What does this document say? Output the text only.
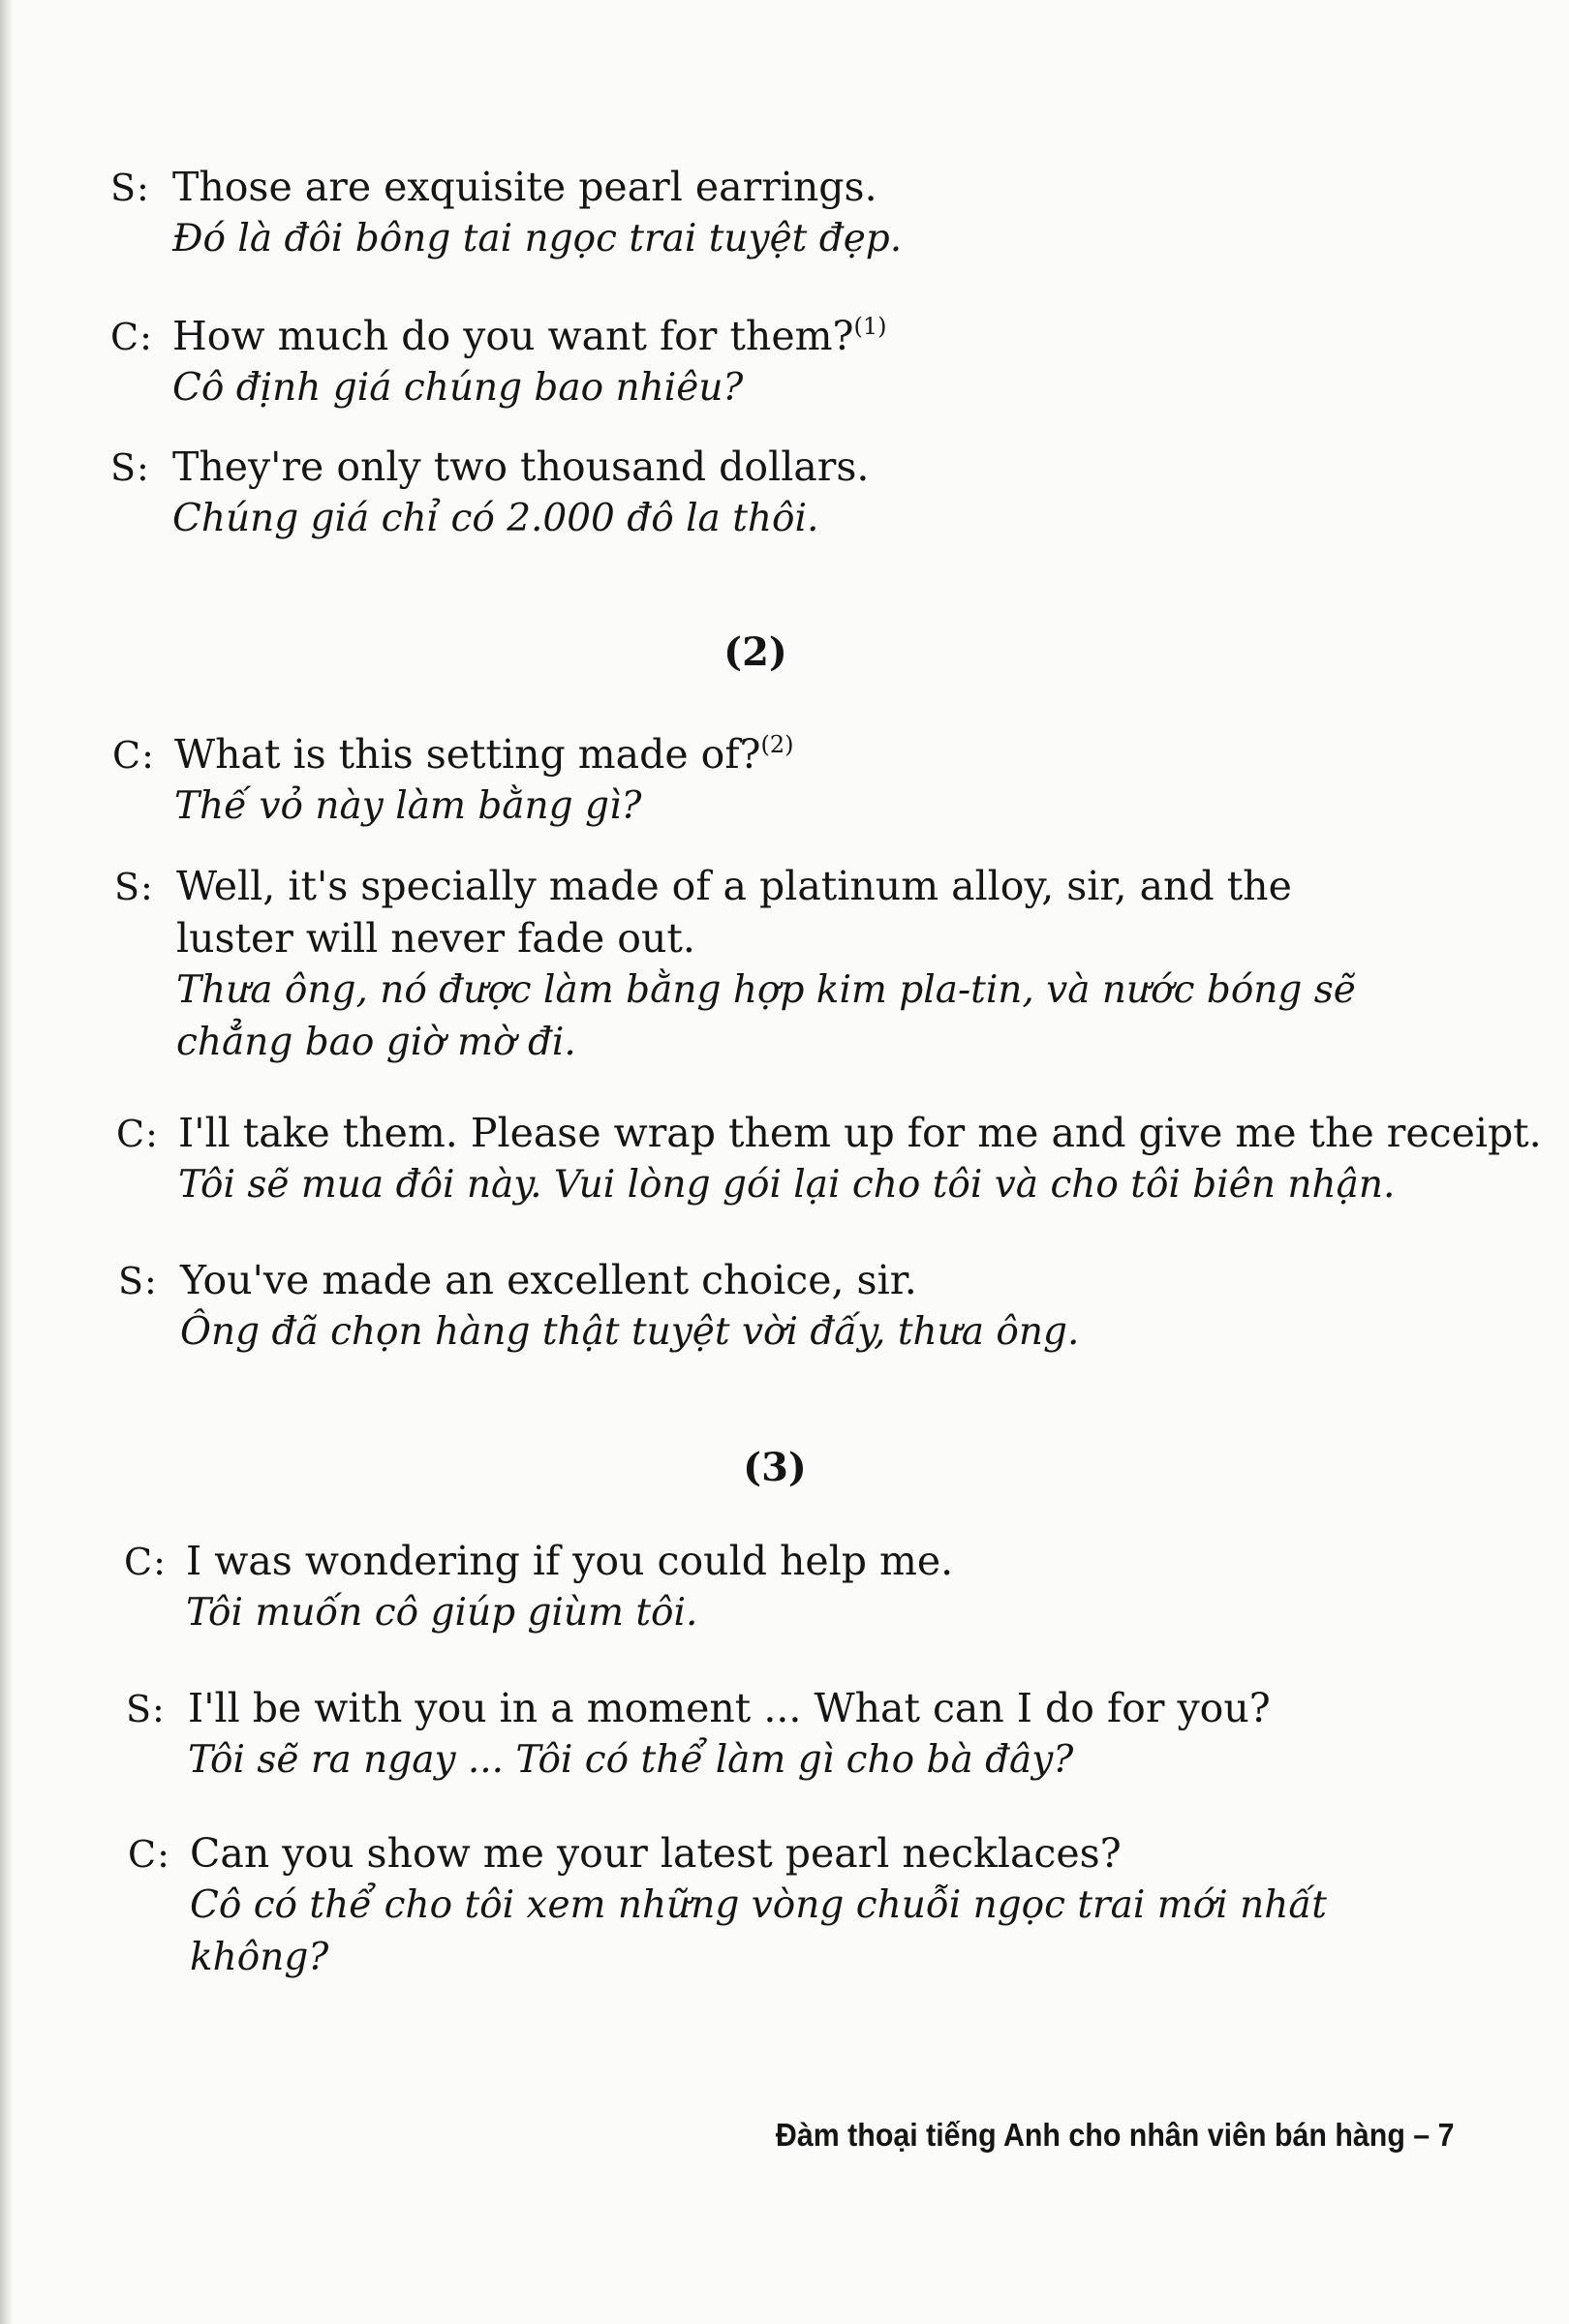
S: Those are exquisite pearl earrings.
Đó là đôi bông tai ngọc trai tuyệt đẹp.
C: How much do you want for them?$^{(1)}$
Cô định giá chúng bao nhiêu?
S: They're only two thousand dollars.
Chúng giá chỉ có 2.000 đô la thôi.
(2)
C: What is this setting made of?$^{(2)}$
Thế vỏ này làm bằng gì?
S: Well, it's specially made of a platinum alloy, sir, and the
luster will never fade out.
Thưa ông, nó được làm bằng hợp kim pla-tin, và nước bóng sẽ
chẳng bao giờ mờ đi.
C: I'll take them. Please wrap them up for me and give me the receipt.
Tôi sẽ mua đôi này. Vui lòng gói lại cho tôi và cho tôi biên nhận.
S: You've made an excellent choice, sir.
Ông đã chọn hàng thật tuyệt vời đấy, thưa ông.
(3)
C: I was wondering if you could help me.
Tôi muốn cô giúp giùm tôi.
S: I'll be with you in a moment ... What can I do for you?
Tôi sẽ ra ngay ... Tôi có thể làm gì cho bà đây?
C: Can you show me your latest pearl necklaces?
Cô có thể cho tôi xem những vòng chuỗi ngọc trai mới nhất
không?
Đàm thoại tiếng Anh cho nhân viên bán hàng – 7
